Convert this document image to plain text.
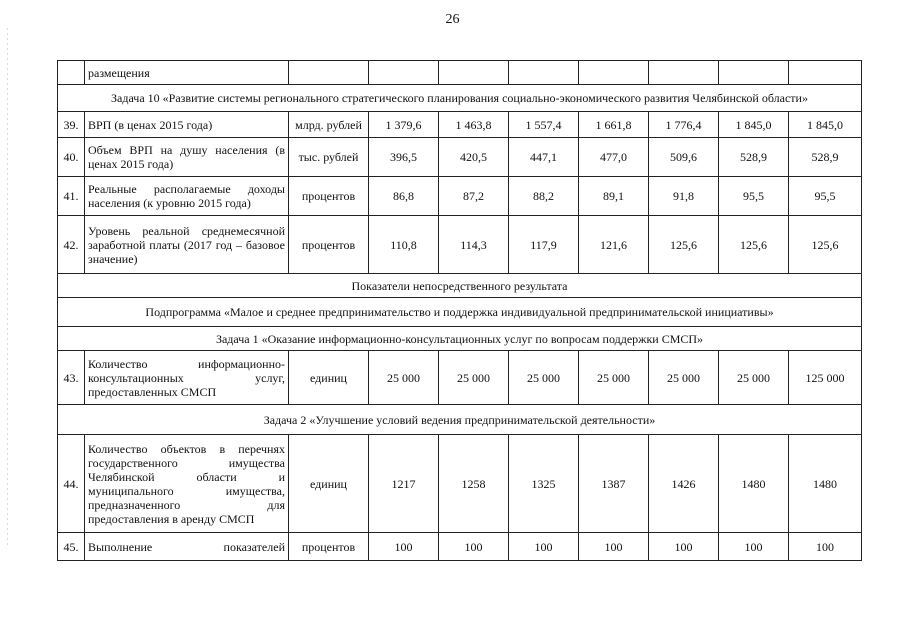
26
	размещения								
Задача 10 «Развитие системы регионального стратегического планирования социально-экономического развития Челябинской области»									
39.	ВРП (в ценах 2015 года)	млрд. рублей	1 379,6	1 463,8	1 557,4	1 661,8	1 776,4	1 845,0	1 845,0
40.	Объем ВРП на душу населения (в ценах 2015 года)	тыс. рублей	396,5	420,5	447,1	477,0	509,6	528,9	528,9
41.	Реальные располагаемые доходы населения (к уровню 2015 года)	процентов	86,8	87,2	88,2	89,1	91,8	95,5	95,5
42.	Уровень реальной среднемесячной заработной платы (2017 год – базовое значение)	процентов	110,8	114,3	117,9	121,6	125,6	125,6	125,6
Показатели непосредственного результата									
Подпрограмма «Малое и среднее предпринимательство и поддержка индивидуальной предпринимательской инициативы»									
Задача 1 «Оказание информационно-консультационных услуг по вопросам поддержки СМСП»									
43.	Количество информационно-консультационных услуг, предоставленных СМСП	единиц	25 000	25 000	25 000	25 000	25 000	25 000	125 000
Задача 2 «Улучшение условий ведения предпринимательской деятельности»									
44.	Количество объектов в перечнях государственного имущества Челябинской области и муниципального имущества, предназначенного для предоставления в аренду СМСП	единиц	1217	1258	1325	1387	1426	1480	1480
45.	Выполнение показателей	процентов	100	100	100	100	100	100	100
